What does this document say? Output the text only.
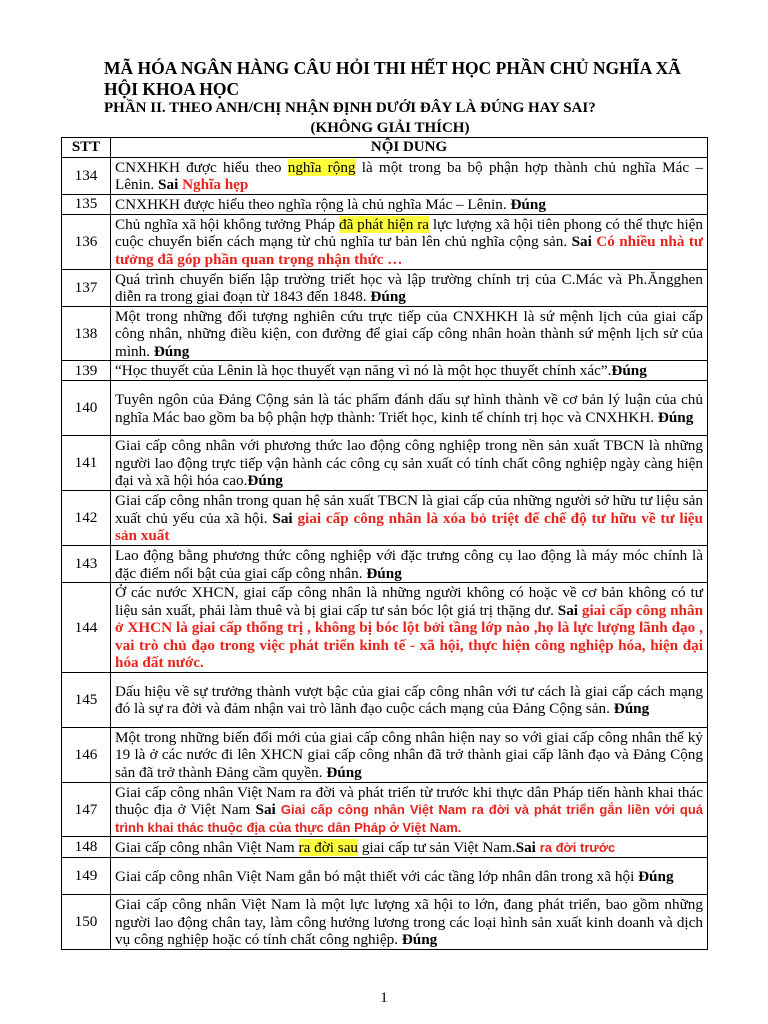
MÃ HÓA NGÂN HÀNG CÂU HỎI THI HẾT HỌC PHẦN CHỦ NGHĨA XÃ HỘI KHOA HỌC
PHẦN II. THEO ANH/CHỊ NHẬN ĐỊNH DƯỚI ĐÂY LÀ ĐÚNG HAY SAI?
(KHÔNG GIẢI THÍCH)
STT	NỘI DUNG
134	CNXHKH được hiểu theo nghĩa rộng là một trong ba bộ phận hợp thành chủ nghĩa Mác – Lênin. Sai Nghĩa hẹp
135	CNXHKH được hiểu theo nghĩa rộng là chủ nghĩa Mác – Lênin. Đúng
136	Chủ nghĩa xã hội không tưởng Pháp đã phát hiện ra lực lượng xã hội tiên phong có thể thực hiện cuộc chuyển biến cách mạng từ chủ nghĩa tư bản lên chủ nghĩa cộng sản. Sai Có nhiều nhà tư tưởng đã góp phần quan trọng nhận thức …
137	Quá trình chuyển biến lập trường triết học và lập trường chính trị của C.Mác và Ph.Ăngghen diễn ra trong giai đoạn từ 1843 đến 1848. Đúng
138	Một trong những đối tượng nghiên cứu trực tiếp của CNXHKH là sứ mệnh lịch của giai cấp công nhân, những điều kiện, con đường để giai cấp công nhân hoàn thành sứ mệnh lịch sử của mình. Đúng
139	“Học thuyết của Lênin là học thuyết vạn năng vì nó là một học thuyết chính xác”.Đúng
140	Tuyên ngôn của Đảng Cộng sản là tác phẩm đánh dấu sự hình thành về cơ bản lý luận của chủ nghĩa Mác bao gồm ba bộ phận hợp thành: Triết học, kinh tế chính trị học và CNXHKH. Đúng
141	Giai cấp công nhân với phương thức lao động công nghiệp trong nền sản xuất TBCN là những người lao động trực tiếp vận hành các công cụ sản xuất có tính chất công nghiệp ngày càng hiện đại và xã hội hóa cao.Đúng
142	Giai cấp công nhân trong quan hệ sản xuất TBCN là giai cấp của những người sở hữu tư liệu sản xuất chủ yếu của xã hội. Sai giai cấp công nhân là xóa bỏ triệt để chế độ tư hữu về tư liệu sản xuất
143	Lao động bằng phương thức công nghiệp với đặc trưng công cụ lao động là máy móc chính là đặc điểm nổi bật của giai cấp công nhân. Đúng
144	Ở các nước XHCN, giai cấp công nhân là những người không có hoặc về cơ bản không có tư liệu sản xuất, phải làm thuê và bị giai cấp tư sản bóc lột giá trị thặng dư. Sai giai cấp công nhân ở XHCN là giai cấp thống trị , không bị bóc lột bởi tầng lớp nào ,họ là lực lượng lãnh đạo , vai trò chủ đạo trong việc phát triển kinh tế - xã hội, thực hiện công nghiệp hóa, hiện đại hóa đất nước.
145	Dấu hiệu về sự trưởng thành vượt bậc của giai cấp công nhân với tư cách là giai cấp cách mạng đó là sự ra đời và đảm nhận vai trò lãnh đạo cuộc cách mạng của Đảng Cộng sản. Đúng
146	Một trong những biến đổi mới của giai cấp công nhân hiện nay so với giai cấp công nhân thế kỷ 19 là ở các nước đi lên XHCN giai cấp công nhân đã trở thành giai cấp lãnh đạo và Đảng Cộng sản đã trở thành Đảng cầm quyền. Đúng
147	Giai cấp công nhân Việt Nam ra đời và phát triển từ trước khi thực dân Pháp tiến hành khai thác thuộc địa ở Việt Nam Sai Giai cấp công nhân Việt Nam ra đời và phát triển gắn liền với quá trình khai thác thuộc địa của thực dân Pháp ở Việt Nam.
148	Giai cấp công nhân Việt Nam ra đời sau giai cấp tư sản Việt Nam.Sai ra đời trước
149	Giai cấp công nhân Việt Nam gắn bó mật thiết với các tầng lớp nhân dân trong xã hội Đúng
150	Giai cấp công nhân Việt Nam là một lực lượng xã hội to lớn, đang phát triển, bao gồm những người lao động chân tay, làm công hưởng lương trong các loại hình sản xuất kinh doanh và dịch vụ công nghiệp hoặc có tính chất công nghiệp. Đúng
1
